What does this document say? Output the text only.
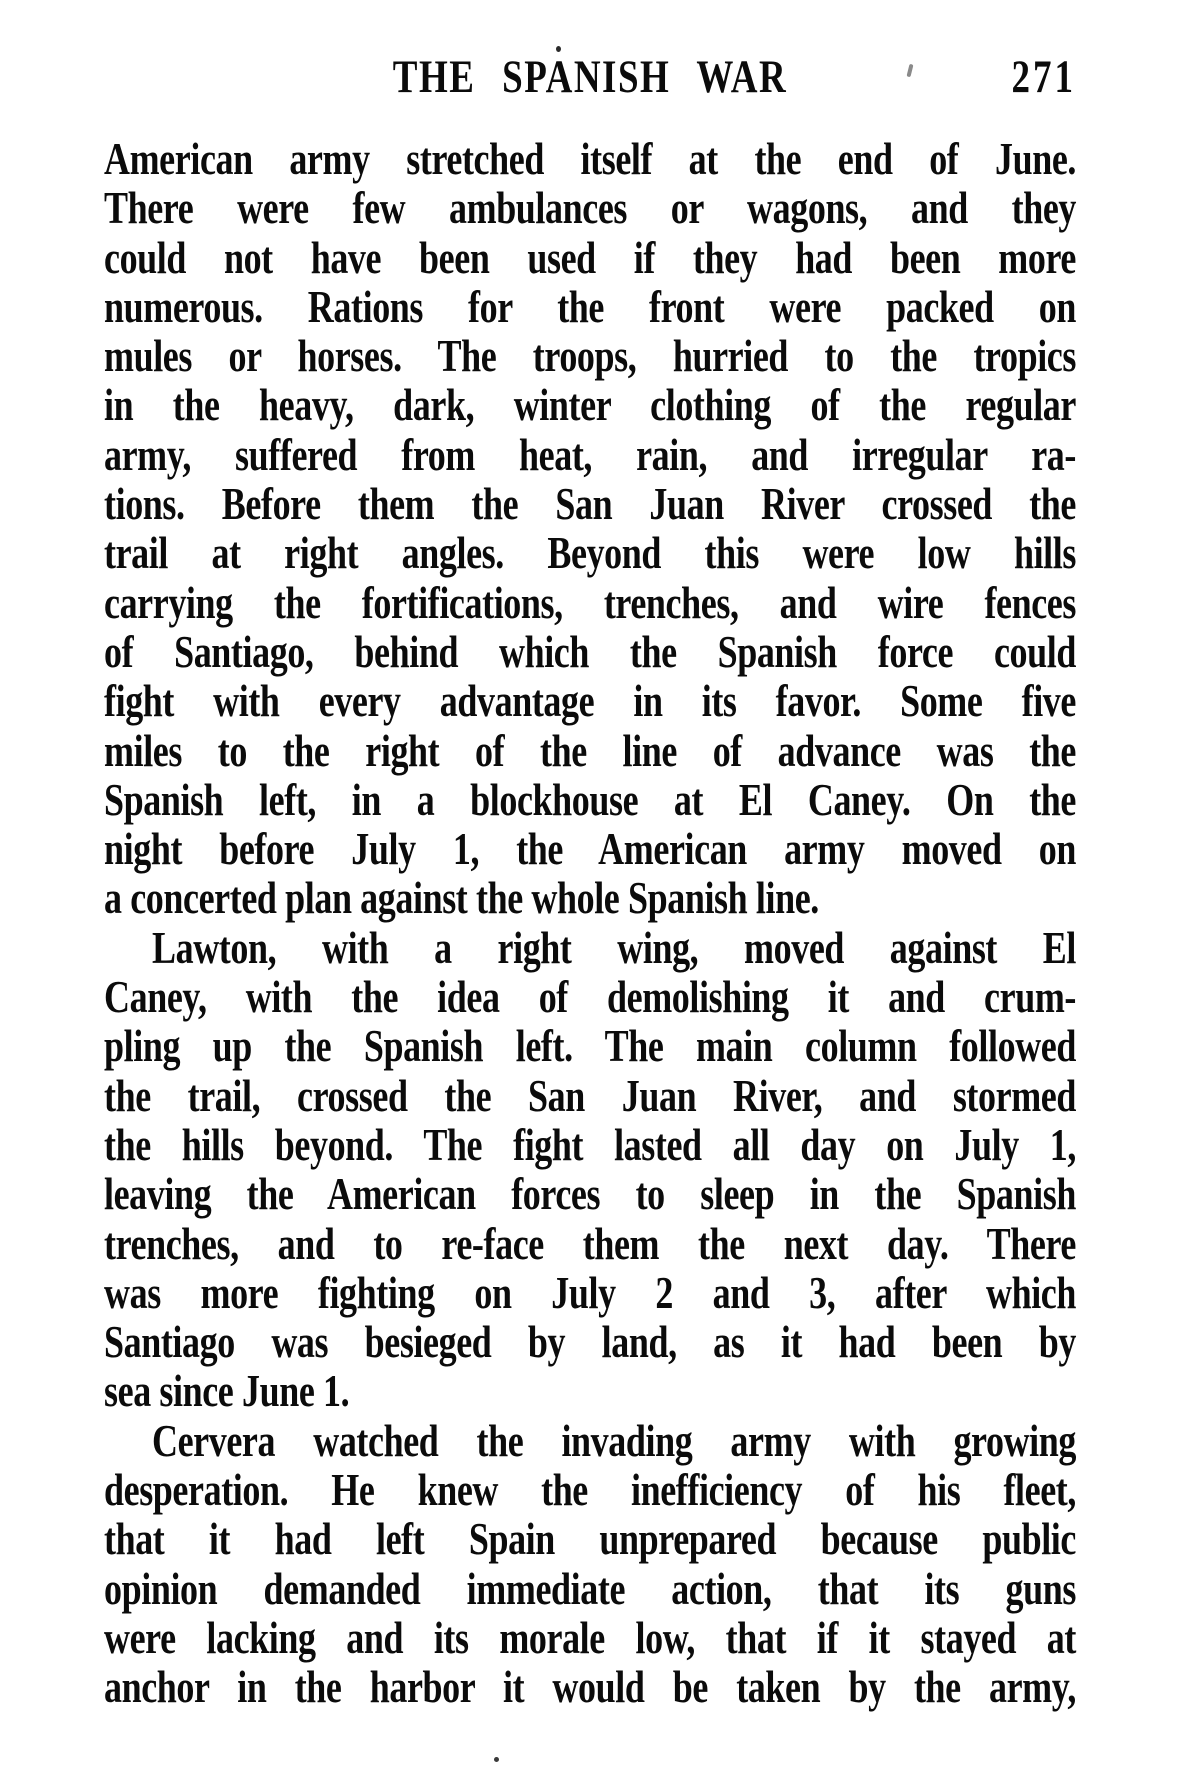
THE SPANISH WAR	271
American army stretched itself at the end of June.
There were few ambulances or wagons, and they
could not have been used if they had been more
numerous. Rations for the front were packed on
mules or horses. The troops, hurried to the tropics
in the heavy, dark, winter clothing of the regular
army, suffered from heat, rain, and irregular ra-
tions. Before them the San Juan River crossed the
trail at right angles. Beyond this were low hills
carrying the fortifications, trenches, and wire fences
of Santiago, behind which the Spanish force could
fight with every advantage in its favor. Some five
miles to the right of the line of advance was the
Spanish left, in a blockhouse at El Caney. On the
night before July 1, the American army moved on
a concerted plan against the whole Spanish line.
Lawton, with a right wing, moved against El
Caney, with the idea of demolishing it and crum-
pling up the Spanish left. The main column followed
the trail, crossed the San Juan River, and stormed
the hills beyond. The fight lasted all day on July 1,
leaving the American forces to sleep in the Spanish
trenches, and to re-face them the next day. There
was more fighting on July 2 and 3, after which
Santiago was besieged by land, as it had been by
sea since June 1.
Cervera watched the invading army with growing
desperation. He knew the inefficiency of his fleet,
that it had left Spain unprepared because public
opinion demanded immediate action, that its guns
were lacking and its morale low, that if it stayed at
anchor in the harbor it would be taken by the army,
